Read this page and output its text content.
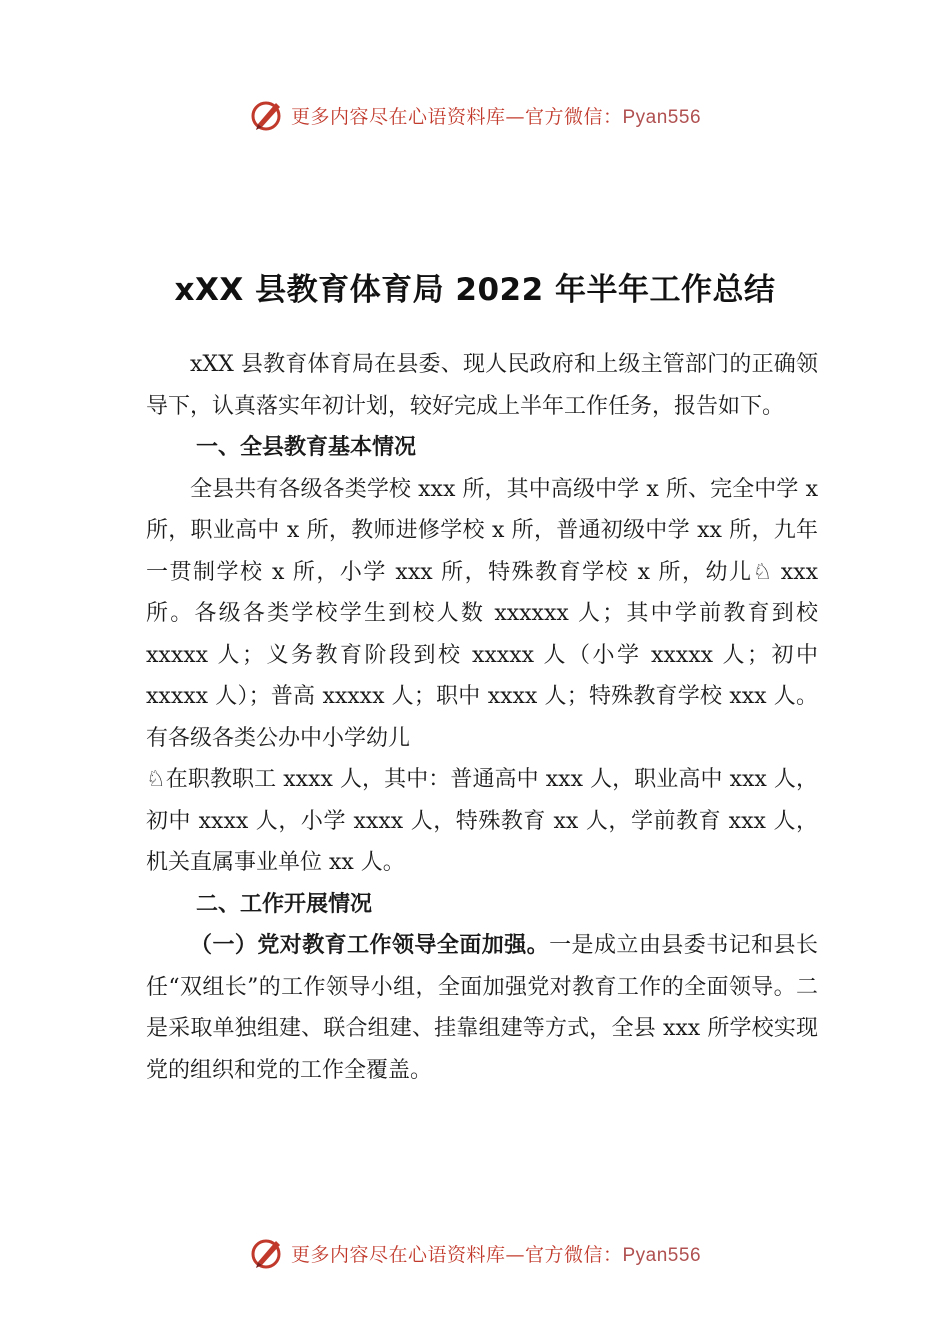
更多内容尽在心语资料库—官方微信：Pyan556
xXX 县教育体育局 2022 年半年工作总结

xXX 县教育体育局在县委、现人民政府和上级主管部门的正确领导下，认真落实年初计划，较好完成上半年工作任务，报告如下。

一、全县教育基本情况

全县共有各级各类学校 xxx 所，其中高级中学 x 所、完全中学 x 所，职业高中 x 所，教师进修学校 x 所，普通初级中学 xx 所，九年一贯制学校 x 所，小学 xxx 所，特殊教育学校 x 所，幼儿♘ xxx 所。各级各类学校学生到校人数 xxxxxx 人；其中学前教育到校 xxxxx 人；义务教育阶段到校 xxxxx 人（小学 xxxxx 人；初中 xxxxx 人）；普高 xxxxx 人；职中 xxxx 人；特殊教育学校 xxx 人。有各级各类公办中小学幼儿

♘在职教职工 xxxx 人，其中：普通高中 xxx 人，职业高中 xxx 人，初中 xxxx 人，小学 xxxx 人，特殊教育 xx 人，学前教育 xxx 人，机关直属事业单位 xx 人。

二、工作开展情况

（一）党对教育工作领导全面加强。一是成立由县委书记和县长任“双组长”的工作领导小组，全面加强党对教育工作的全面领导。二是采取单独组建、联合组建、挂靠组建等方式，全县 xxx 所学校实现党的组织和党的工作全覆盖。

更多内容尽在心语资料库—官方微信：Pyan556
